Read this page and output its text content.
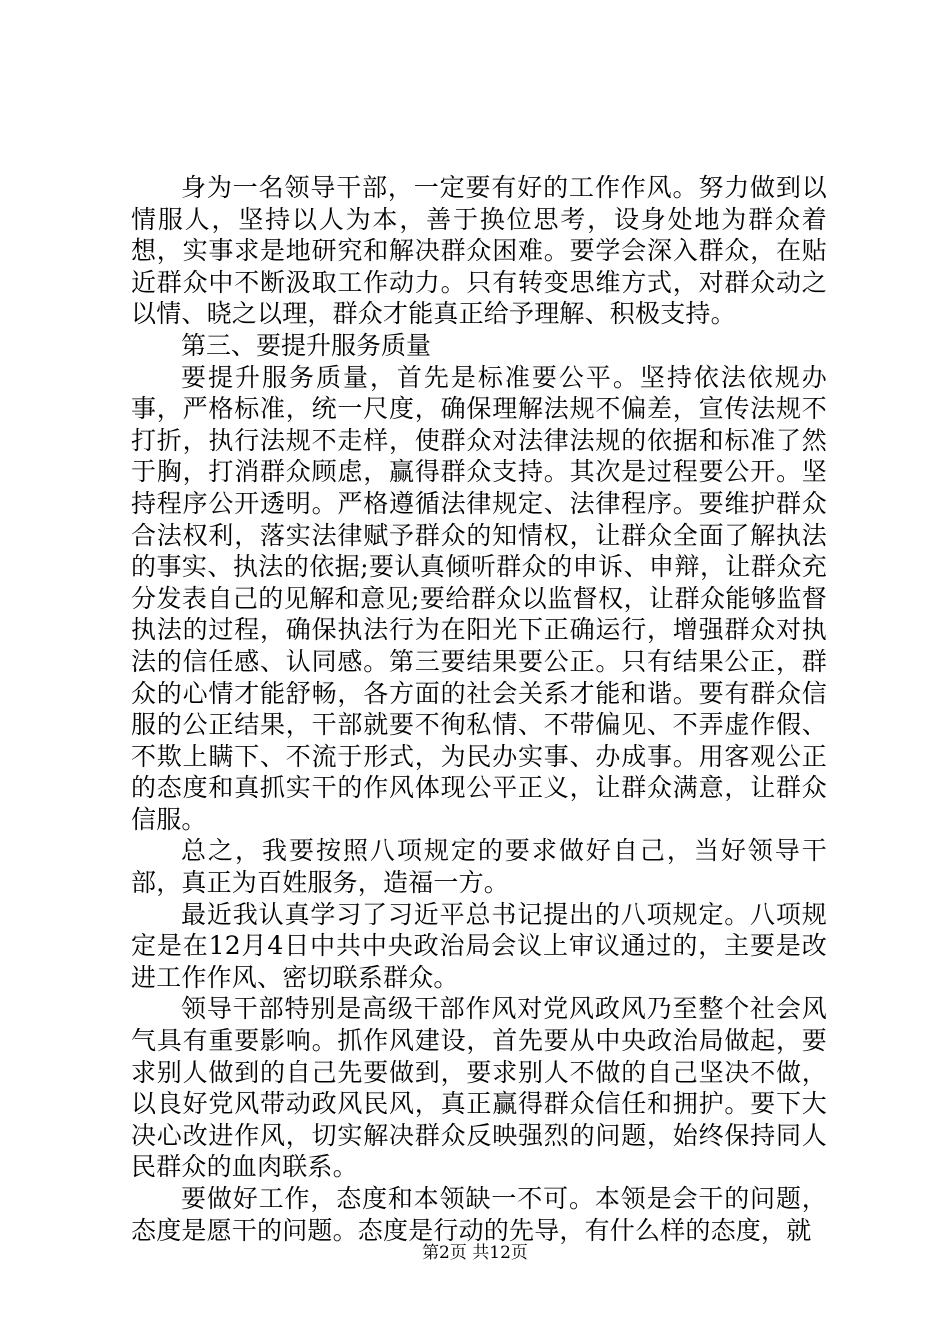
身为一名领导干部，一定要有好的工作作风。努力做到以情服人，坚持以人为本，善于换位思考，设身处地为群众着想，实事求是地研究和解决群众困难。要学会深入群众，在贴近群众中不断汲取工作动力。只有转变思维方式，对群众动之以情、晓之以理，群众才能真正给予理解、积极支持。

第三、要提升服务质量

要提升服务质量，首先是标准要公平。坚持依法依规办事，严格标准，统一尺度，确保理解法规不偏差，宣传法规不打折，执行法规不走样，使群众对法律法规的依据和标准了然于胸，打消群众顾虑，赢得群众支持。其次是过程要公开。坚持程序公开透明。严格遵循法律规定、法律程序。要维护群众合法权利，落实法律赋予群众的知情权，让群众全面了解执法的事实、执法的依据;要认真倾听群众的申诉、申辩，让群众充分发表自己的见解和意见;要给群众以监督权，让群众能够监督执法的过程，确保执法行为在阳光下正确运行，增强群众对执法的信任感、认同感。第三要结果要公正。只有结果公正，群众的心情才能舒畅，各方面的社会关系才能和谐。要有群众信服的公正结果，干部就要不徇私情、不带偏见、不弄虚作假、不欺上瞒下、不流于形式，为民办实事、办成事。用客观公正的态度和真抓实干的作风体现公平正义，让群众满意，让群众信服。

总之，我要按照八项规定的要求做好自己，当好领导干部，真正为百姓服务，造福一方。

最近我认真学习了习近平总书记提出的八项规定。八项规定是在12月4日中共中央政治局会议上审议通过的，主要是改进工作作风、密切联系群众。

领导干部特别是高级干部作风对党风政风乃至整个社会风气具有重要影响。抓作风建设，首先要从中央政治局做起，要求别人做到的自己先要做到，要求别人不做的自己坚决不做，以良好党风带动政风民风，真正赢得群众信任和拥护。要下大决心改进作风，切实解决群众反映强烈的问题，始终保持同人民群众的血肉联系。

要做好工作，态度和本领缺一不可。本领是会干的问题，态度是愿干的问题。态度是行动的先导，有什么样的态度，就

第2页 共12页
